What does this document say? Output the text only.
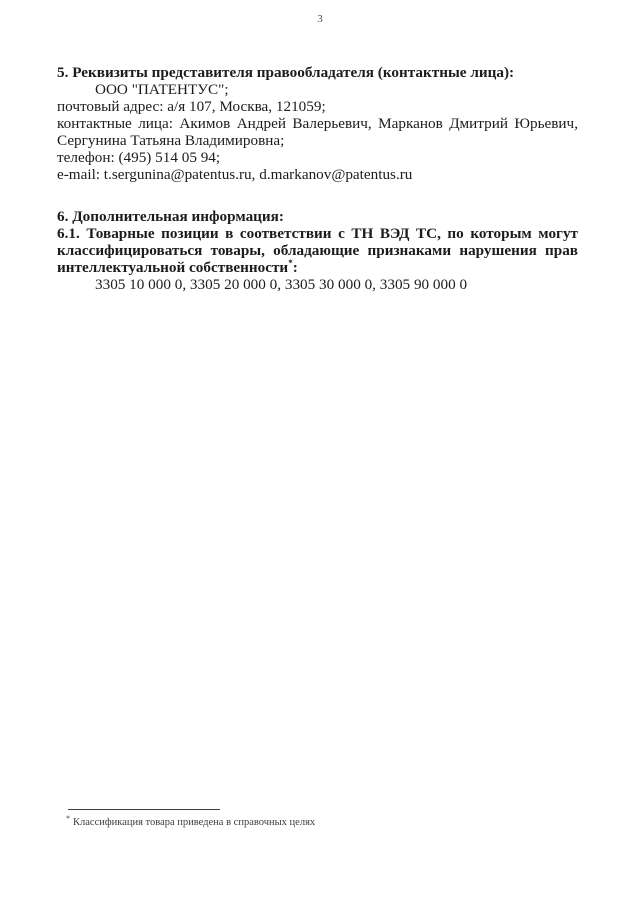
3
5. Реквизиты представителя правообладателя (контактные лица):
ООО "ПАТЕНТУС";
почтовый адрес: а/я 107, Москва, 121059;
контактные лица: Акимов Андрей Валерьевич, Марканов Дмитрий Юрьевич,
Сергунина Татьяна Владимировна;
телефон: (495) 514 05 94;
e-mail: t.sergunina@patentus.ru, d.markanov@patentus.ru
6. Дополнительная информация:
6.1. Товарные позиции в соответствии с ТН ВЭД ТС, по которым могут
классифицироваться товары, обладающие признаками нарушения прав
интеллектуальной собственности*:
3305 10 000 0, 3305 20 000 0, 3305 30 000 0, 3305 90 000 0
* Классификация товара приведена в справочных целях
